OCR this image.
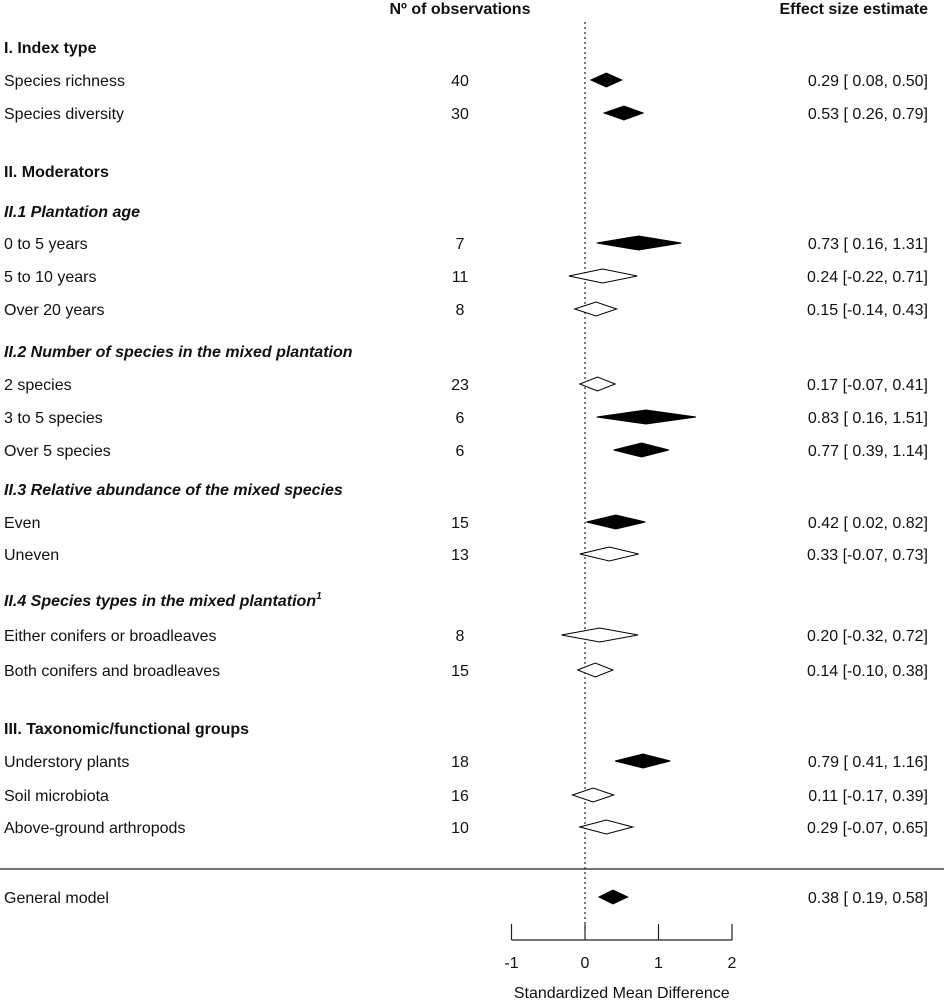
Nº of observations	Effect size estimate
I. Index type
Species richness	40	0.29 [ 0.08, 0.50]
Species diversity	30	0.53 [ 0.26, 0.79]
II. Moderators
II.1 Plantation age
0 to 5 years	7	0.73 [ 0.16, 1.31]
5 to 10 years	11	0.24 [-0.22, 0.71]
Over 20 years	8	0.15 [-0.14, 0.43]
II.2 Number of species in the mixed plantation
2 species	23	0.17 [-0.07, 0.41]
3 to 5 species	6	0.83 [ 0.16, 1.51]
Over 5 species	6	0.77 [ 0.39, 1.14]
II.3 Relative abundance of the mixed species
Even	15	0.42 [ 0.02, 0.82]
Uneven	13	0.33 [-0.07, 0.73]
II.4 Species types in the mixed plantation$^1$
Either conifers or broadleaves	8	0.20 [-0.32, 0.72]
Both conifers and broadleaves	15	0.14 [-0.10, 0.38]
III. Taxonomic/functional groups
Understory plants	18	0.79 [ 0.41, 1.16]
Soil microbiota	16	0.11 [-0.17, 0.39]
Above-ground arthropods	10	0.29 [-0.07, 0.65]
General model	0.38 [ 0.19, 0.58]
-1	0	1	2
Standardized Mean Difference
